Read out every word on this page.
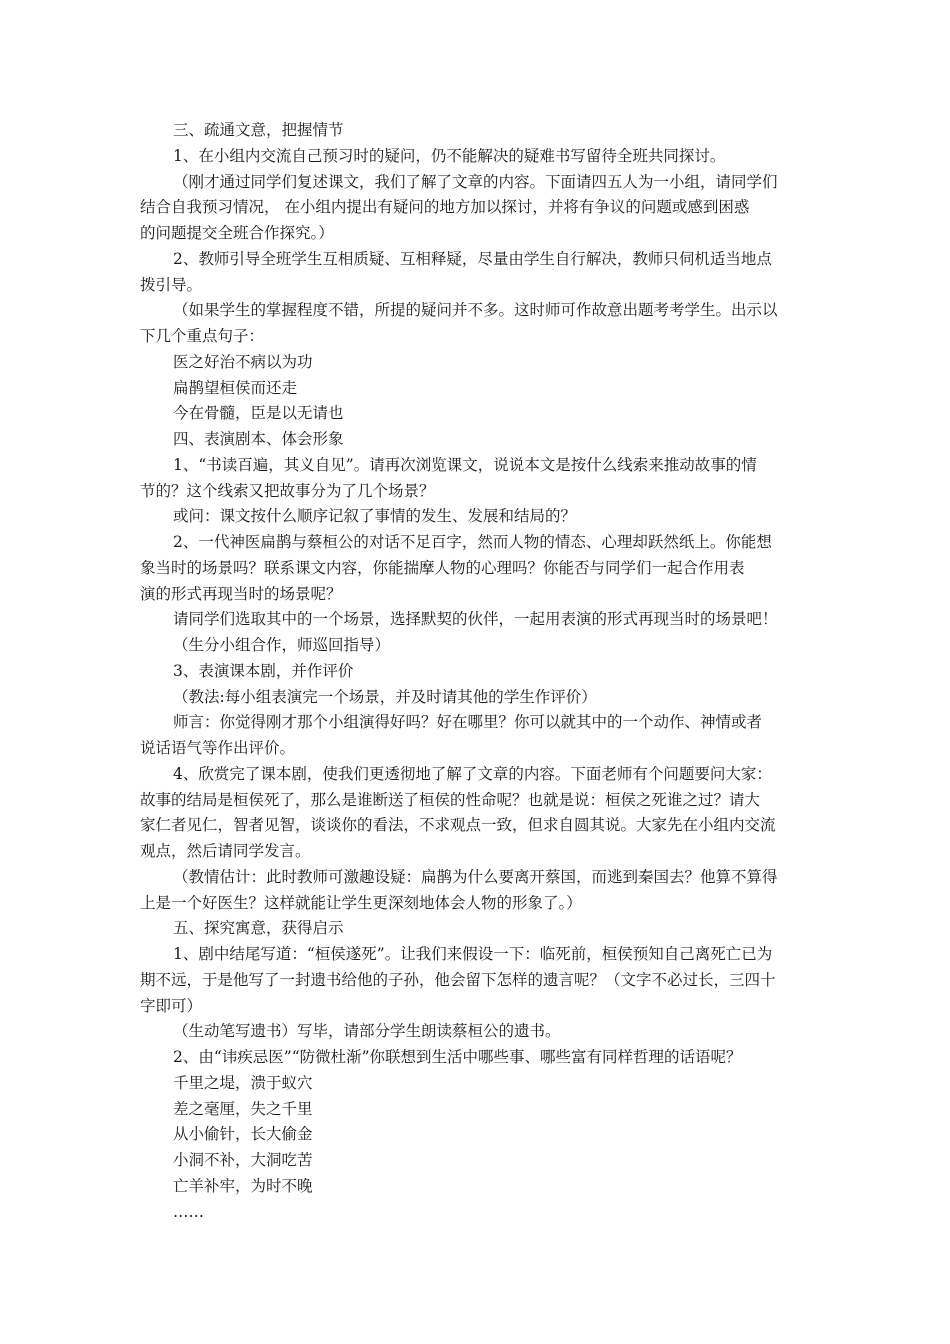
三、疏通文意，把握情节
1、在小组内交流自己预习时的疑问，仍不能解决的疑难书写留待全班共同探讨。
（刚才通过同学们复述课文，我们了解了文章的内容。下面请四五人为一小组，请同学们
结合自我预习情况， 在小组内提出有疑问的地方加以探讨，并将有争议的问题或感到困惑
的问题提交全班合作探究。）
2、教师引导全班学生互相质疑、互相释疑，尽量由学生自行解决，教师只伺机适当地点
拨引导。
（如果学生的掌握程度不错，所提的疑问并不多。这时师可作故意出题考考学生。出示以
下几个重点句子：
医之好治不病以为功
扁鹊望桓侯而还走
今在骨髓，臣是以无请也
四、表演剧本、体会形象
1、“书读百遍，其义自见”。请再次浏览课文，说说本文是按什么线索来推动故事的情
节的？这个线索又把故事分为了几个场景？
或问：课文按什么顺序记叙了事情的发生、发展和结局的？
2、一代神医扁鹊与蔡桓公的对话不足百字，然而人物的情态、心理却跃然纸上。你能想
象当时的场景吗？联系课文内容，你能揣摩人物的心理吗？你能否与同学们一起合作用表
演的形式再现当时的场景呢？
请同学们选取其中的一个场景，选择默契的伙伴，一起用表演的形式再现当时的场景吧！
（生分小组合作，师巡回指导）
3、表演课本剧，并作评价
（教法:每小组表演完一个场景，并及时请其他的学生作评价）
师言：你觉得刚才那个小组演得好吗？好在哪里？你可以就其中的一个动作、神情或者
说话语气等作出评价。
4、欣赏完了课本剧，使我们更透彻地了解了文章的内容。下面老师有个问题要问大家：
故事的结局是桓侯死了，那么是谁断送了桓侯的性命呢？也就是说：桓侯之死谁之过？请大
家仁者见仁，智者见智，谈谈你的看法，不求观点一致，但求自圆其说。大家先在小组内交流
观点，然后请同学发言。
（教情估计：此时教师可激趣设疑：扁鹊为什么要离开蔡国，而逃到秦国去？他算不算得
上是一个好医生？这样就能让学生更深刻地体会人物的形象了。）
五、探究寓意，获得启示
1、剧中结尾写道：“桓侯遂死”。让我们来假设一下：临死前，桓侯预知自己离死亡已为
期不远，于是他写了一封遗书给他的子孙，他会留下怎样的遗言呢？（文字不必过长，三四十
字即可）
（生动笔写遗书）写毕，请部分学生朗读蔡桓公的遗书。
2、由“讳疾忌医”“防微杜渐”你联想到生活中哪些事、哪些富有同样哲理的话语呢？
千里之堤，溃于蚁穴
差之毫厘，失之千里
从小偷针，长大偷金
小洞不补，大洞吃苦
亡羊补牢，为时不晚
……
